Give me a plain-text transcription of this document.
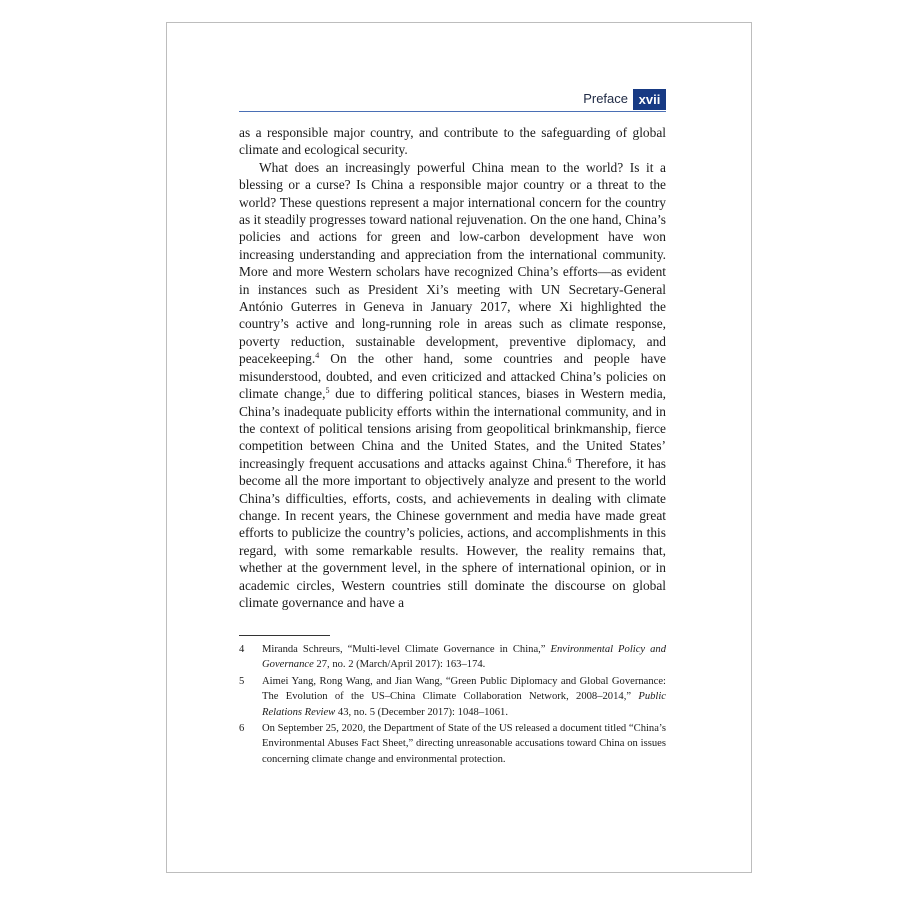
Preface xvii

as a responsible major country, and contribute to the safeguarding of global climate and ecological security.

What does an increasingly powerful China mean to the world? Is it a blessing or a curse? Is China a responsible major country or a threat to the world? These questions represent a major international concern for the country as it steadily progresses toward national rejuvenation. On the one hand, China’s policies and actions for green and low-carbon development have won increasing understanding and appreciation from the international community. More and more Western scholars have recognized China’s efforts—as evident in instances such as President Xi’s meeting with UN Secretary-General António Guterres in Geneva in January 2017, where Xi highlighted the country’s active and long-running role in areas such as climate response, poverty reduction, sustainable development, preventive diplomacy, and peacekeeping.$^4$ On the other hand, some countries and people have misunderstood, doubted, and even criticized and attacked China’s policies on climate change,$^5$ due to differing political stances, biases in Western media, China’s inadequate publicity efforts within the international community, and in the context of political tensions arising from geopolitical brinkmanship, fierce competition between China and the United States, and the United States’ increasingly frequent accusations and attacks against China.$^6$ Therefore, it has become all the more important to objectively analyze and present to the world China’s difficulties, efforts, costs, and achievements in dealing with climate change. In recent years, the Chinese government and media have made great efforts to publicize the country’s policies, actions, and accomplishments in this regard, with some remarkable results. However, the reality remains that, whether at the government level, in the sphere of international opinion, or in academic circles, Western countries still dominate the discourse on global climate governance and have a

4 Miranda Schreurs, “Multi-level Climate Governance in China,” Environmental Policy and Governance 27, no. 2 (March/April 2017): 163–174.
5 Aimei Yang, Rong Wang, and Jian Wang, “Green Public Diplomacy and Global Governance: The Evolution of the US–China Climate Collaboration Network, 2008–2014,” Public Relations Review 43, no. 5 (December 2017): 1048–1061.
6 On September 25, 2020, the Department of State of the US released a document titled “China’s Environmental Abuses Fact Sheet,” directing unreasonable accusations toward China on issues concerning climate change and environmental protection.
